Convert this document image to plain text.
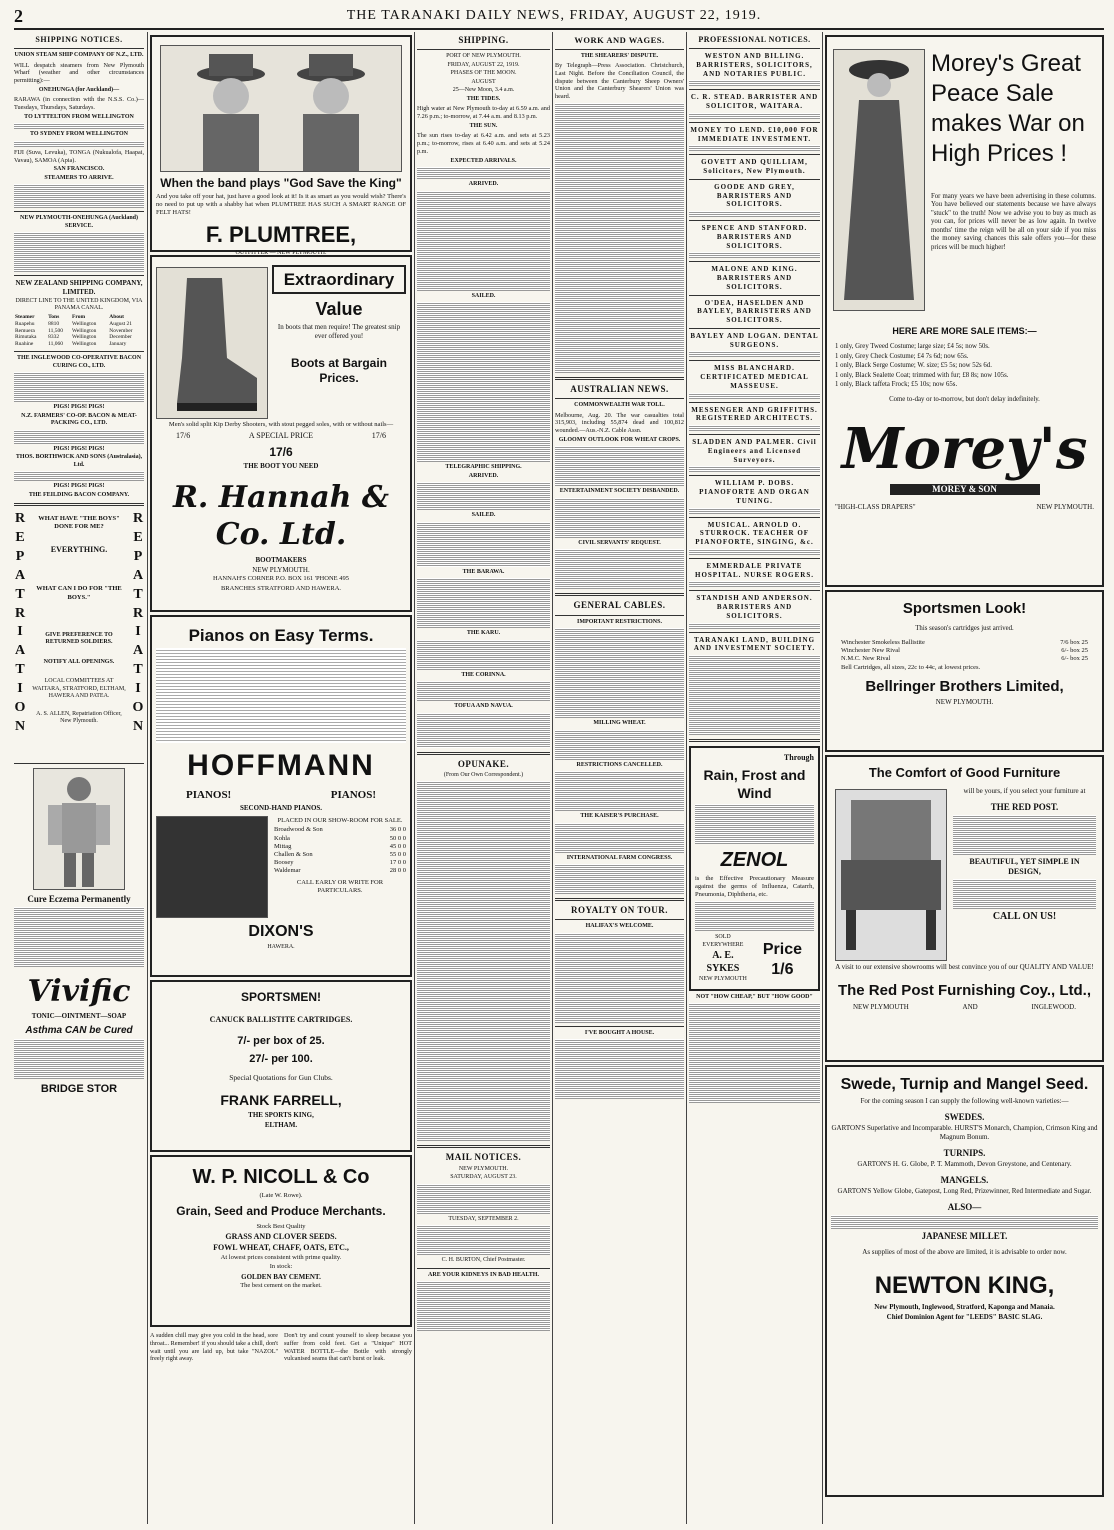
2	THE TARANAKI DAILY NEWS, FRIDAY, AUGUST 22, 1919.
SHIPPING NOTICES.
UNION STEAM SHIP COMPANY OF N.Z., LTD.
WILL despatch steamers from New Plymouth Wharf (weather and other circumstances permitting):—
ONEHUNGA (for Auckland)—
RARAWA (in connection with the N.S.S. Co.)—Tuesdays, Thursdays, Saturdays.
TO LYTTELTON FROM WELLINGTON
TO SYDNEY FROM WELLINGTON
FIJI (Suva, Levuka), TONGA (Nukualofa, Haapai, Vavau), SAMOA (Apia).
SAN FRANCISCO.
STEAMERS TO ARRIVE.
NEW PLYMOUTH-ONEHUNGA (Auckland) SERVICE.
NEW ZEALAND SHIPPING COMPANY, LIMITED.
DIRECT LINE TO THE UNITED KINGDOM, VIA PANAMA CANAL.
Steamer	Tons	From	About
Ruapehu	8810	Wellington	August 21
Remuera	11,500	Wellington	November
Rimutaka	8332	Wellington	December
Ruahine	11,060	Wellington	January
THE INGLEWOOD CO-OPERATIVE BACON CURING CO., LTD.
PIGS! PIGS! PIGS!
N.Z. FARMERS' CO-OP. BACON & MEAT-PACKING CO., LTD.
PIGS! PIGS! PIGS!
THOS. BORTHWICK AND SONS (Australasia), Ltd.
PIGS! PIGS! PIGS!
THE FEILDING BACON COMPANY.
REPATRIATION
REPATRIATION
WHAT HAVE "THE BOYS" DONE FOR ME?
EVERYTHING.
WHAT CAN I DO FOR "THE BOYS."
GIVE PREFERENCE TO RETURNED SOLDIERS.
NOTIFY ALL OPENINGS.
LOCAL COMMITTEES AT WAITARA, STRATFORD, ELTHAM, HAWERA AND PATEA.
A. S. ALLEN, Repatriation Officer, New Plymouth.
Cure Eczema Permanently
Vivific
TONIC—OINTMENT—SOAP
Asthma CAN be Cured
BRIDGE STOR
When the band plays "God Save the King"
And you take off your hat, just have a good look at it! Is it as smart as you would wish? There's no need to put up with a shabby hat when PLUMTREE HAS SUCH A SMART RANGE OF FELT HATS!
F. PLUMTREE,
OUTFITTER — NEW PLYMOUTH.
Extraordinary
Value
In boots that men require! The greatest snip ever offered you!
Boots at Bargain Prices.
Men's solid split Kip Derby Shooters, with stout pegged soles, with or without nails—
17/6	A SPECIAL PRICE	17/6
17/6
THE BOOT YOU NEED
R. Hannah & Co. Ltd.
BOOTMAKERS
NEW PLYMOUTH.
HANNAH'S CORNER P.O. BOX 161 'PHONE 495
BRANCHES STRATFORD AND HAWERA.
Pianos on Easy Terms.
HOFFMANN
PIANOS!	PIANOS!
SECOND-HAND PIANOS.
PLACED IN OUR SHOW-ROOM FOR SALE.
Broadwood & Son	36 0 0
Kohla	50 0 0
Mittag	45 0 0
Challen & Son	55 0 0
Boosey	17 0 0
Waldemar	28 0 0
CALL EARLY OR WRITE FOR PARTICULARS.
DIXON'S
HAWERA.
SPORTSMEN!
CANUCK BALLISTITE CARTRIDGES.
7/- per box of 25.
27/- per 100.
Special Quotations for Gun Clubs.
FRANK FARRELL,
THE SPORTS KING,
ELTHAM.
W. P. NICOLL & Co
(Late W. Rowe).
Grain, Seed and Produce Merchants.
Stock Best Quality
GRASS AND CLOVER SEEDS.
FOWL WHEAT, CHAFF, OATS, ETC.,
At lowest prices consistent with prime quality.
In stock:
GOLDEN BAY CEMENT.
The best cement on the market.
A sudden chill may give you cold in the head, sore throat... Remember! if you should take a chill, don't wait until you are laid up, but take "NAZOL" freely right away.
Don't try and count yourself to sleep because you suffer from cold feet. Get a "Unique" HOT WATER BOTTLE—the Bottle with strongly vulcanised seams that can't burst or leak.
SHIPPING.
PORT OF NEW PLYMOUTH.
FRIDAY, AUGUST 22, 1919.
PHASES OF THE MOON.
AUGUST
25—New Moon, 3.4 a.m.
THE TIDES.
High water at New Plymouth to-day at 6.59 a.m. and 7.26 p.m.; to-morrow, at 7.44 a.m. and 8.13 p.m.
THE SUN.
The sun rises to-day at 6.42 a.m. and sets at 5.23 p.m.; to-morrow, rises at 6.40 a.m. and sets at 5.24 p.m.
EXPECTED ARRIVALS.
ARRIVED.
SAILED.
TELEGRAPHIC SHIPPING.
ARRIVED.
SAILED.
THE BARAWA.
THE KARU.
THE CORINNA.
TOFUA AND NAVUA.
OPUNAKE.
(From Our Own Correspondent.)
MAIL NOTICES.
NEW PLYMOUTH.
SATURDAY, AUGUST 23.
TUESDAY, SEPTEMBER 2.
C. H. BURTON, Chief Postmaster.
ARE YOUR KIDNEYS IN BAD HEALTH.
WORK AND WAGES.
THE SHEARERS' DISPUTE.
By Telegraph—Press Association. Christchurch, Last Night. Before the Conciliation Council, the dispute between the Canterbury Sheep Owners' Union and the Canterbury Shearers' Union was heard.
AUSTRALIAN NEWS.
COMMONWEALTH WAR TOLL.
Melbourne, Aug. 20. The war casualties total 315,903, including 55,874 dead and 100,812 wounded.—Aus.-N.Z. Cable Assn.
GLOOMY OUTLOOK FOR WHEAT CROPS.
ENTERTAINMENT SOCIETY DISBANDED.
CIVIL SERVANTS' REQUEST.
GENERAL CABLES.
IMPORTANT RESTRICTIONS.
MILLING WHEAT.
RESTRICTIONS CANCELLED.
THE KAISER'S PURCHASE.
INTERNATIONAL FARM CONGRESS.
ROYALTY ON TOUR.
HALIFAX'S WELCOME.
I'VE BOUGHT A HOUSE.
PROFESSIONAL NOTICES.
WESTON AND BILLING. BARRISTERS, SOLICITORS, AND NOTARIES PUBLIC.
C. R. STEAD. BARRISTER AND SOLICITOR, WAITARA.
MONEY TO LEND. £10,000 FOR IMMEDIATE INVESTMENT.
GOVETT AND QUILLIAM, Solicitors, New Plymouth.
GOODE AND GREY, BARRISTERS AND SOLICITORS.
SPENCE AND STANFORD. BARRISTERS AND SOLICITORS.
MALONE AND KING. BARRISTERS AND SOLICITORS.
O'DEA, HASELDEN AND BAYLEY, BARRISTERS AND SOLICITORS.
BAYLEY AND LOGAN. DENTAL SURGEONS.
MISS BLANCHARD. CERTIFICATED MEDICAL MASSEUSE.
MESSENGER AND GRIFFITHS. REGISTERED ARCHITECTS.
SLADDEN AND PALMER. Civil Engineers and Licensed Surveyors.
WILLIAM P. DOBS. PIANOFORTE AND ORGAN TUNING.
MUSICAL. ARNOLD O. STURROCK. TEACHER OF PIANOFORTE, SINGING, &c.
EMMERDALE PRIVATE HOSPITAL. NURSE ROGERS.
STANDISH AND ANDERSON. BARRISTERS AND SOLICITORS.
TARANAKI LAND, BUILDING AND INVESTMENT SOCIETY.
Through
Rain, Frost and Wind
ZENOL
is the Effective Precautionary Measure against the germs of Influenza, Catarrh, Pneumonia, Diphtheria, etc.
SOLD EVERYWHERE
A. E. SYKES
NEW PLYMOUTH
Price 1/6
NOT "HOW CHEAP," BUT "HOW GOOD"
Morey's Great Peace Sale makes War on High Prices !
For many years we have been advertising in these columns. You have believed our statements because we have always "stuck" to the truth! Now we advise you to buy as much as you can, for prices will never be as low again. In twelve months' time the reign will be all on your side if you miss the money saving chances this sale offers you—for these prices will be much higher!
HERE ARE MORE SALE ITEMS:—
1 only, Grey Tweed Costume; large size; £4 5s; now 50s.
1 only, Grey Check Costume; £4 7s 6d; now 65s.
1 only, Black Serge Costume; W. size; £5 5s; now 52s 6d.
1 only, Black Sealette Coat; trimmed with fur; £8 8s; now 105s.
1 only, Black taffeta Frock; £5 10s; now 65s.
Come to-day or to-morrow, but don't delay indefinitely.
Morey's
MOREY & SON
"HIGH-CLASS DRAPERS"	NEW PLYMOUTH.
Sportsmen Look!
This season's cartridges just arrived.
Winchester Smokeless Ballistite	7/6 box 25
Winchester New Rival	6/- box 25
N.M.C. New Rival	6/- box 25
Bell Cartridges, all sizes, 22c to 44c, at lowest prices.
Bellringer Brothers Limited,
NEW PLYMOUTH.
The Comfort of Good Furniture
will be yours, if you select your furniture at
THE RED POST.
BEAUTIFUL, YET SIMPLE IN DESIGN,
CALL ON US!
A visit to our extensive showrooms will best convince you of our QUALITY AND VALUE!
The Red Post Furnishing Coy., Ltd.,
NEW PLYMOUTH	AND	INGLEWOOD.
Swede, Turnip and Mangel Seed.
For the coming season I can supply the following well-known varieties:—
SWEDES.
GARTON'S Superlative and Incomparable. HURST'S Monarch, Champion, Crimson King and Magnum Bonum.
TURNIPS.
GARTON'S H. G. Globe, P. T. Mammoth, Devon Greystone, and Centenary.
MANGELS.
GARTON'S Yellow Globe, Gatepost, Long Red, Prizewinner, Red Intermediate and Sugar.
ALSO—
JAPANESE MILLET.
As supplies of most of the above are limited, it is advisable to order now.
NEWTON KING,
New Plymouth, Inglewood, Stratford, Kaponga and Manaia.
Chief Dominion Agent for "LEEDS" BASIC SLAG.
